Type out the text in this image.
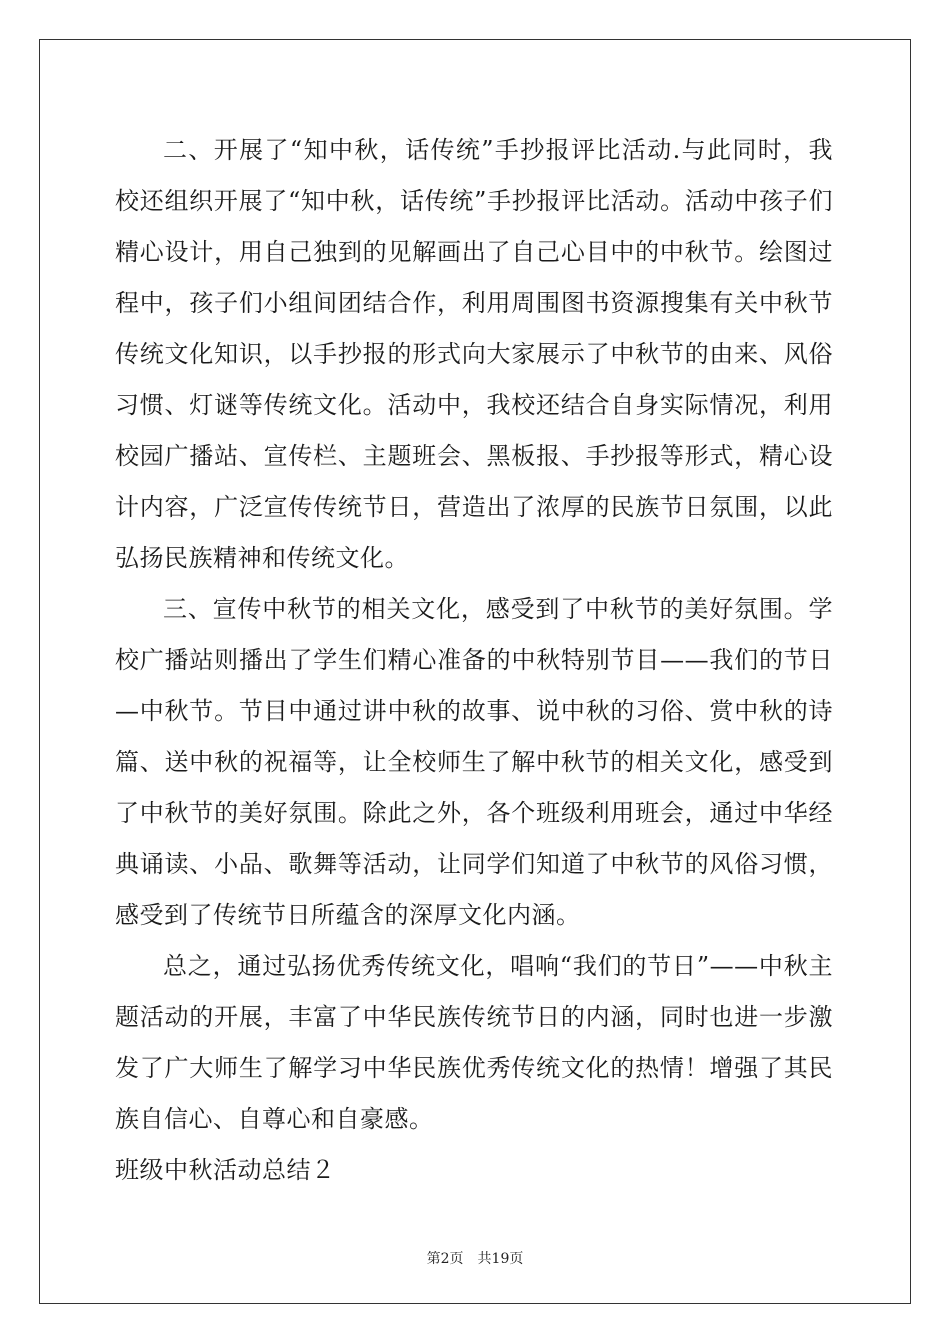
二、开展了“知中秋，话传统”手抄报评比活动.与此同时，我校还组织开展了“知中秋，话传统”手抄报评比活动。活动中孩子们精心设计，用自己独到的见解画出了自己心目中的中秋节。绘图过程中，孩子们小组间团结合作，利用周围图书资源搜集有关中秋节传统文化知识，以手抄报的形式向大家展示了中秋节的由来、风俗习惯、灯谜等传统文化。活动中，我校还结合自身实际情况，利用校园广播站、宣传栏、主题班会、黑板报、手抄报等形式，精心设计内容，广泛宣传传统节日，营造出了浓厚的民族节日氛围，以此弘扬民族精神和传统文化。

三、宣传中秋节的相关文化，感受到了中秋节的美好氛围。学校广播站则播出了学生们精心准备的中秋特别节目——我们的节日—中秋节。节目中通过讲中秋的故事、说中秋的习俗、赏中秋的诗篇、送中秋的祝福等，让全校师生了解中秋节的相关文化，感受到了中秋节的美好氛围。除此之外，各个班级利用班会，通过中华经典诵读、小品、歌舞等活动，让同学们知道了中秋节的风俗习惯，感受到了传统节日所蕴含的深厚文化内涵。

总之，通过弘扬优秀传统文化，唱响“我们的节日”——中秋主题活动的开展，丰富了中华民族传统节日的内涵，同时也进一步激发了广大师生了解学习中华民族优秀传统文化的热情！增强了其民族自信心、自尊心和自豪感。

班级中秋活动总结２

第2页 共19页
